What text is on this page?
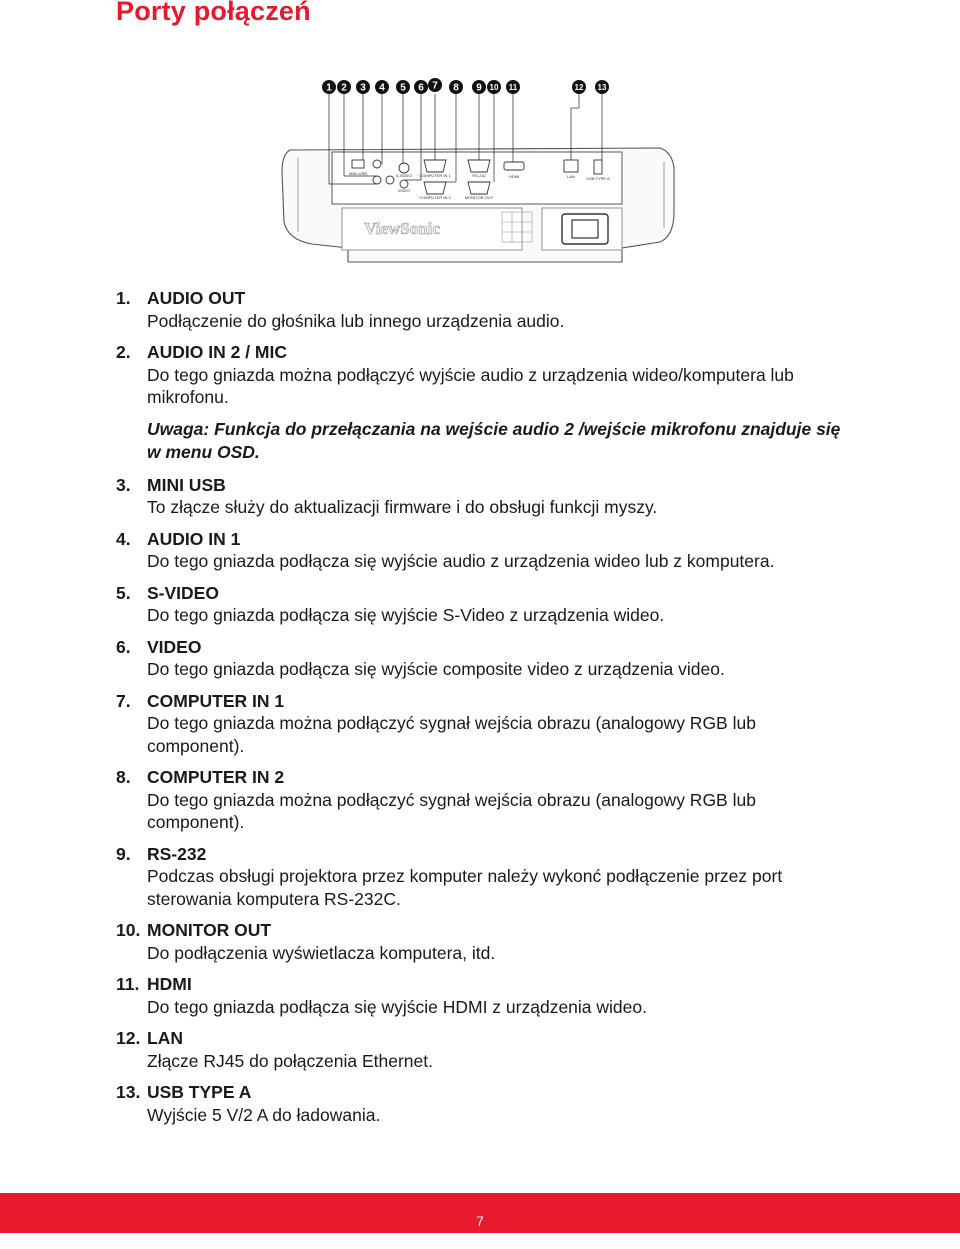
Porty połączeń
1 2 3 4 5 6 7 8 9 10 11	12 13
MINI USB	S-VIDEO
VIDEO
COMPUTER IN 1
COMPUTER IN 2
RS-232
MONITOR OUT
HDMI	LAN	USB TYPE A
ViewSonic
1. AUDIO OUT
Podłączenie do głośnika lub innego urządzenia audio.
2. AUDIO IN 2 / MIC
Do tego gniazda można podłączyć wyjście audio z urządzenia wideo/komputera lub mikrofonu.
Uwaga: Funkcja do przełączania na wejście audio 2 /wejście mikrofonu znajduje się w menu OSD.
3. MINI USB
To złącze służy do aktualizacji firmware i do obsługi funkcji myszy.
4. AUDIO IN 1
Do tego gniazda podłącza się wyjście audio z urządzenia wideo lub z komputera.
5. S-VIDEO
Do tego gniazda podłącza się wyjście S-Video z urządzenia wideo.
6. VIDEO
Do tego gniazda podłącza się wyjście composite video z urządzenia video.
7. COMPUTER IN 1
Do tego gniazda można podłączyć sygnał wejścia obrazu (analogowy RGB lub component).
8. COMPUTER IN 2
Do tego gniazda można podłączyć sygnał wejścia obrazu (analogowy RGB lub component).
9. RS-232
Podczas obsługi projektora przez komputer należy wykonć podłączenie przez port sterowania komputera RS-232C.
10. MONITOR OUT
Do podłączenia wyświetlacza komputera, itd.
11. HDMI
Do tego gniazda podłącza się wyjście HDMI z urządzenia wideo.
12. LAN
Złącze RJ45 do połączenia Ethernet.
13. USB TYPE A
Wyjście 5 V/2 A do ładowania.
7
